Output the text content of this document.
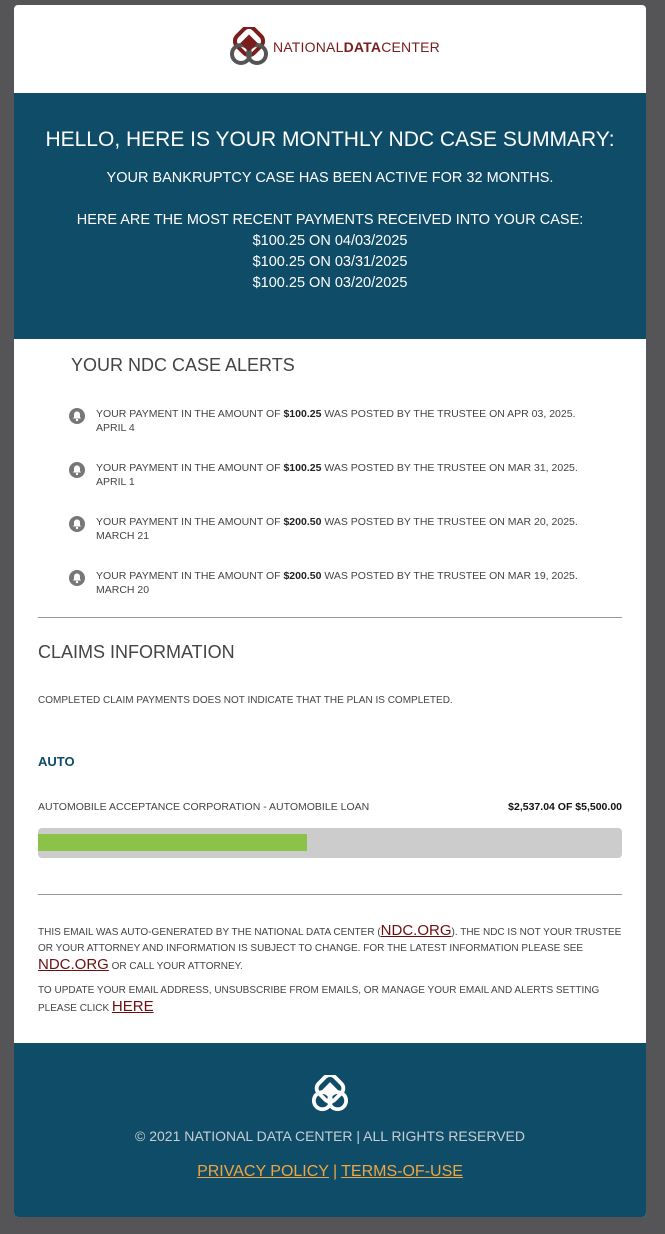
NATIONALDATACENTER
HELLO, HERE IS YOUR MONTHLY NDC CASE SUMMARY:
YOUR BANKRUPTCY CASE HAS BEEN ACTIVE FOR 32 MONTHS.
HERE ARE THE MOST RECENT PAYMENTS RECEIVED INTO YOUR CASE:
$100.25 ON 04/03/2025
$100.25 ON 03/31/2025
$100.25 ON 03/20/2025
YOUR NDC CASE ALERTS
YOUR PAYMENT IN THE AMOUNT OF $100.25 WAS POSTED BY THE TRUSTEE ON APR 03, 2025.
APRIL 4
YOUR PAYMENT IN THE AMOUNT OF $100.25 WAS POSTED BY THE TRUSTEE ON MAR 31, 2025.
APRIL 1
YOUR PAYMENT IN THE AMOUNT OF $200.50 WAS POSTED BY THE TRUSTEE ON MAR 20, 2025.
MARCH 21
YOUR PAYMENT IN THE AMOUNT OF $200.50 WAS POSTED BY THE TRUSTEE ON MAR 19, 2025.
MARCH 20
CLAIMS INFORMATION
COMPLETED CLAIM PAYMENTS DOES NOT INDICATE THAT THE PLAN IS COMPLETED.
AUTO
AUTOMOBILE ACCEPTANCE CORPORATION - AUTOMOBILE LOAN	$2,537.04 OF $5,500.00
THIS EMAIL WAS AUTO-GENERATED BY THE NATIONAL DATA CENTER (NDC.ORG). THE NDC IS NOT YOUR TRUSTEE OR YOUR ATTORNEY AND INFORMATION IS SUBJECT TO CHANGE. FOR THE LATEST INFORMATION PLEASE SEE NDC.ORG OR CALL YOUR ATTORNEY.
TO UPDATE YOUR EMAIL ADDRESS, UNSUBSCRIBE FROM EMAILS, OR MANAGE YOUR EMAIL AND ALERTS SETTING PLEASE CLICK HERE
© 2021 NATIONAL DATA CENTER | ALL RIGHTS RESERVED
PRIVACY POLICY | TERMS-OF-USE
